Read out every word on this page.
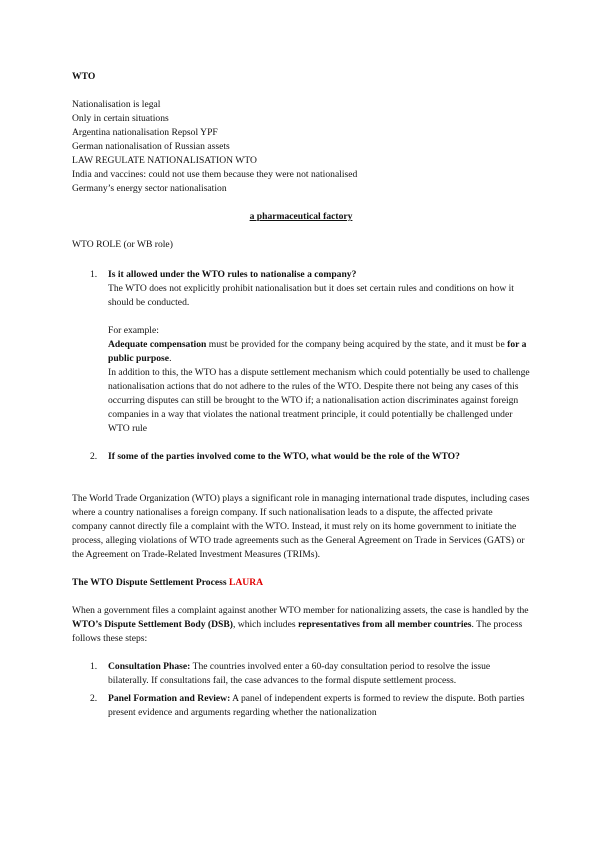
WTO
Nationalisation is legal
Only in certain situations
Argentina nationalisation Repsol YPF
German nationalisation of Russian assets
LAW REGULATE NATIONALISATION WTO
India and vaccines: could not use them because they were not nationalised
Germany’s energy sector nationalisation
a pharmaceutical factory
WTO ROLE (or WB role)
1. Is it allowed under the WTO rules to nationalise a company?

The WTO does not explicitly prohibit nationalisation but it does set certain rules and conditions on how it should be conducted.

For example:

Adequate compensation must be provided for the company being acquired by the state, and it must be for a public purpose.

In addition to this, the WTO has a dispute settlement mechanism which could potentially be used to challenge nationalisation actions that do not adhere to the rules of the WTO. Despite there not being any cases of this occurring disputes can still be brought to the WTO if; a nationalisation action discriminates against foreign companies in a way that violates the national treatment principle, it could potentially be challenged under WTO rule

2. If some of the parties involved come to the WTO, what would be the role of the WTO?

The World Trade Organization (WTO) plays a significant role in managing international trade disputes, including cases where a country nationalises a foreign company. If such nationalisation leads to a dispute, the affected private company cannot directly file a complaint with the WTO. Instead, it must rely on its home government to initiate the process, alleging violations of WTO trade agreements such as the General Agreement on Trade in Services (GATS) or the Agreement on Trade-Related Investment Measures (TRIMs).

The WTO Dispute Settlement Process LAURA

When a government files a complaint against another WTO member for nationalizing assets, the case is handled by the WTO’s Dispute Settlement Body (DSB), which includes representatives from all member countries. The process follows these steps:

1. Consultation Phase: The countries involved enter a 60-day consultation period to resolve the issue bilaterally. If consultations fail, the case advances to the formal dispute settlement process.
2. Panel Formation and Review: A panel of independent experts is formed to review the dispute. Both parties present evidence and arguments regarding whether the nationalization
